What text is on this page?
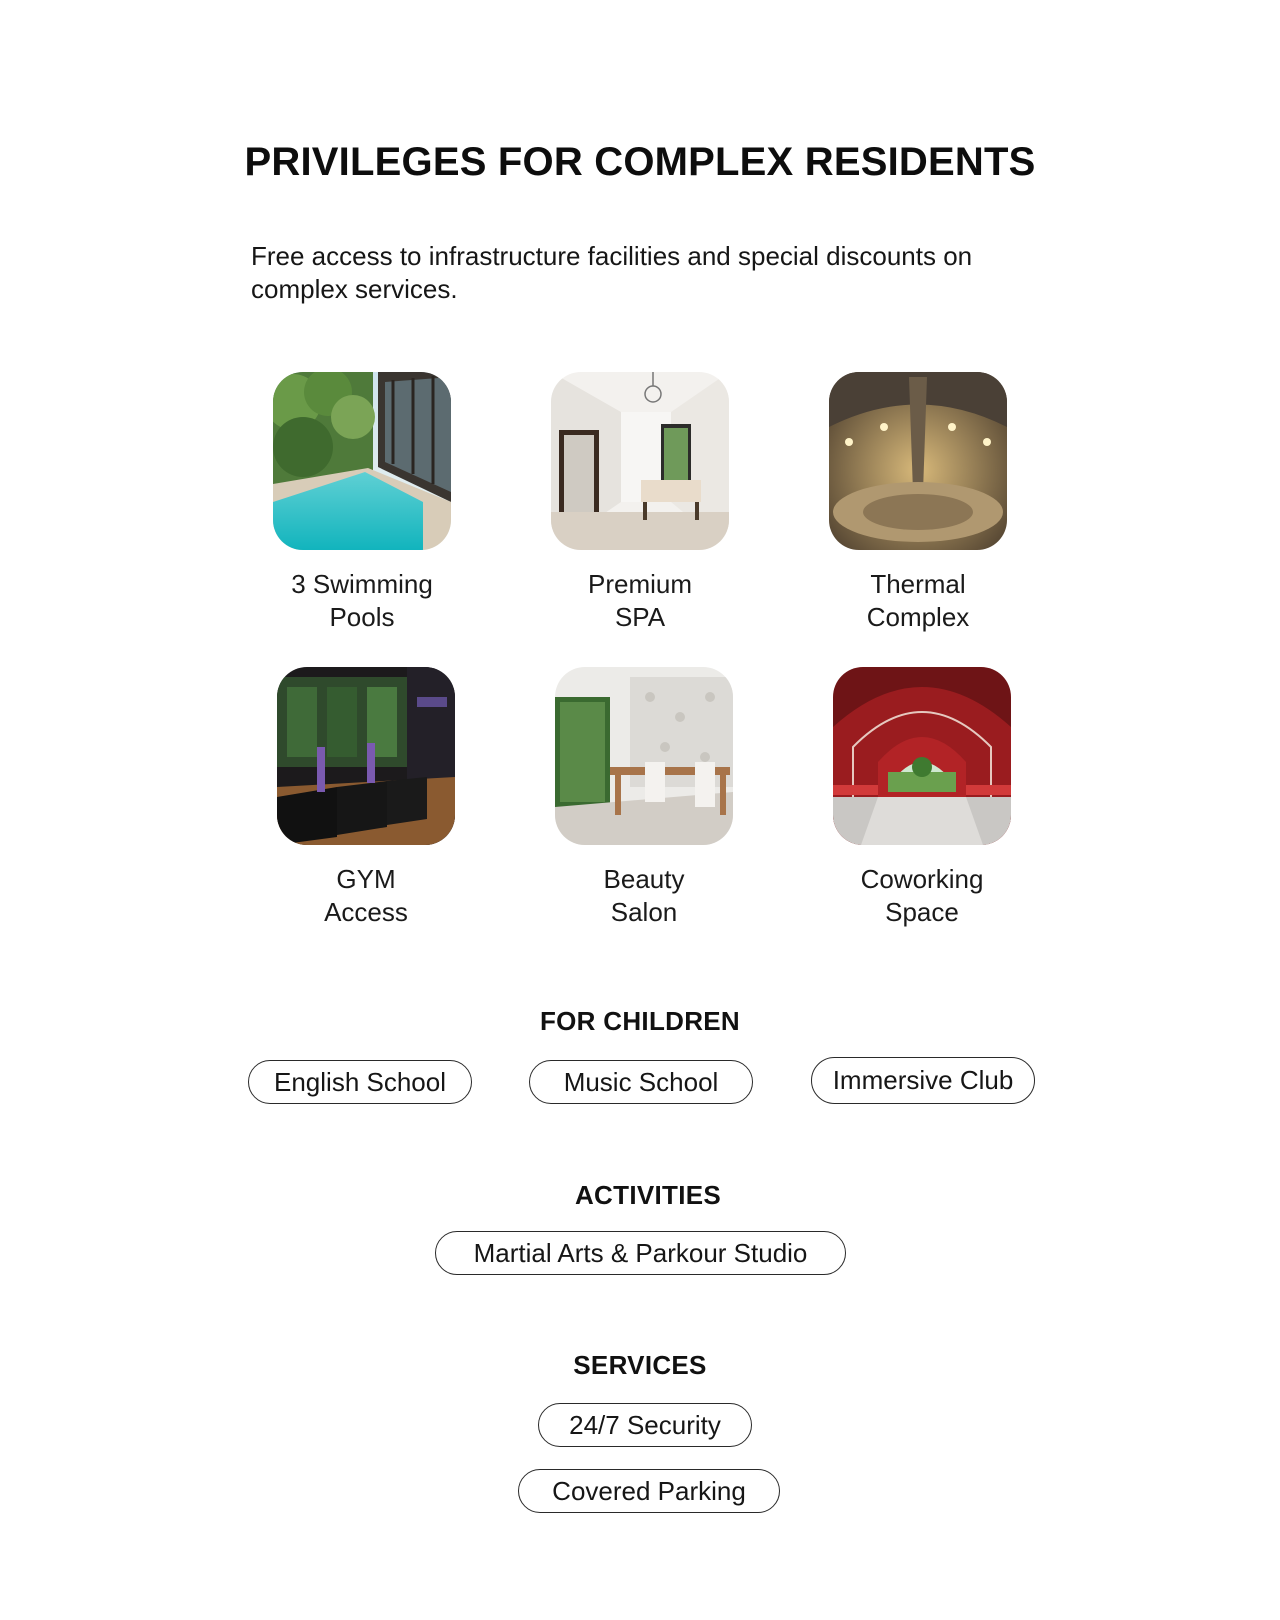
PRIVILEGES FOR COMPLEX RESIDENTS
Free access to infrastructure facilities and special discounts on complex services.
3 Swimming
Pools
Premium
SPA
Thermal
Complex
GYM
Access
Beauty
Salon
Coworking
Space
FOR CHILDREN
English School	Music School	Immersive Club
ACTIVITIES
Martial Arts & Parkour Studio
SERVICES
24/7 Security
Covered Parking
